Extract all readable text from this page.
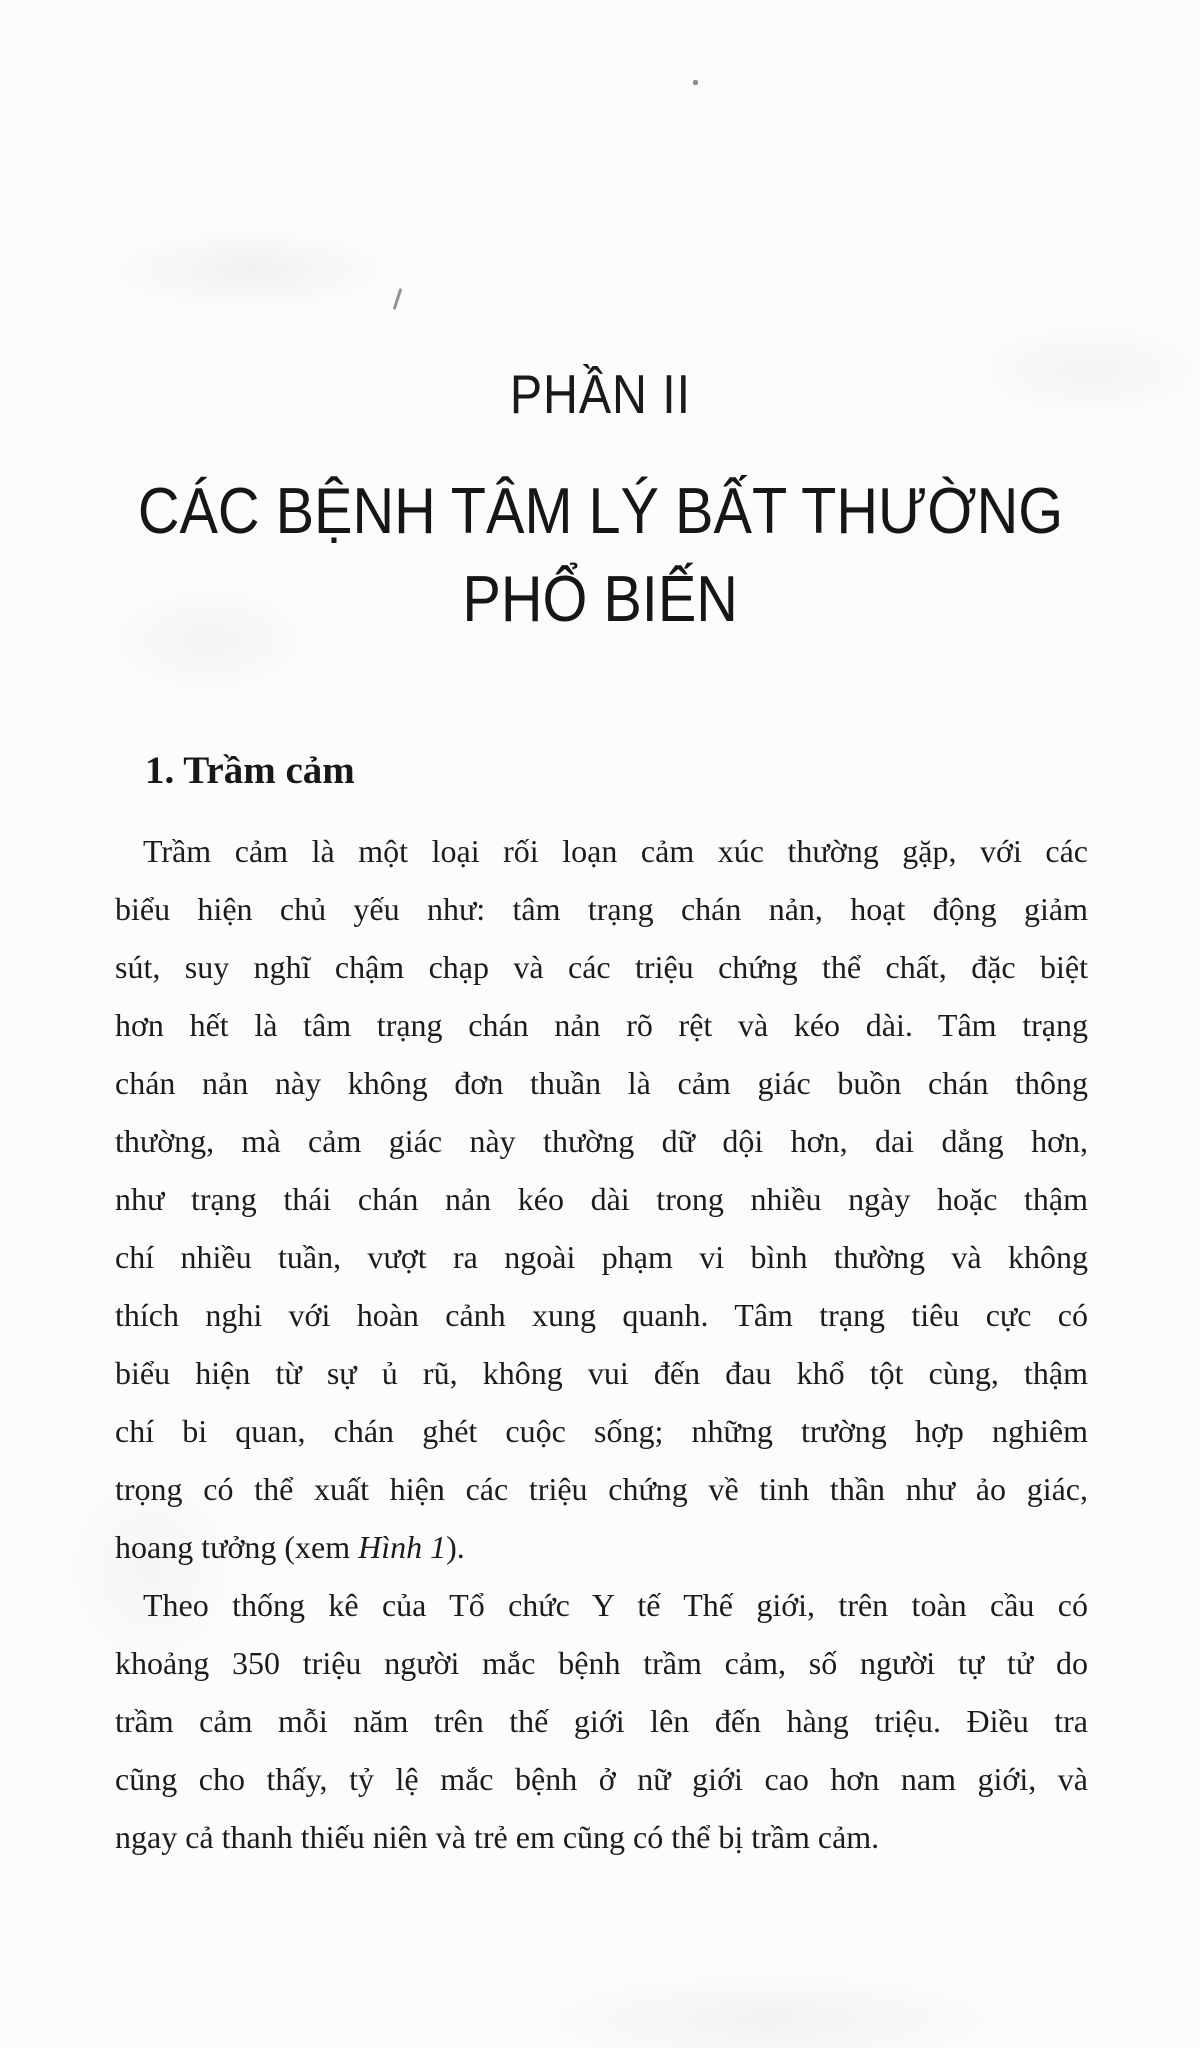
PHẦN II
CÁC BỆNH TÂM LÝ BẤT THƯỜNG
PHỔ BIẾN
1. Trầm cảm

Trầm cảm là một loại rối loạn cảm xúc thường gặp, với các
biểu hiện chủ yếu như: tâm trạng chán nản, hoạt động giảm
sút, suy nghĩ chậm chạp và các triệu chứng thể chất, đặc biệt
hơn hết là tâm trạng chán nản rõ rệt và kéo dài. Tâm trạng
chán nản này không đơn thuần là cảm giác buồn chán thông
thường, mà cảm giác này thường dữ dội hơn, dai dẳng hơn,
như trạng thái chán nản kéo dài trong nhiều ngày hoặc thậm
chí nhiều tuần, vượt ra ngoài phạm vi bình thường và không
thích nghi với hoàn cảnh xung quanh. Tâm trạng tiêu cực có
biểu hiện từ sự ủ rũ, không vui đến đau khổ tột cùng, thậm
chí bi quan, chán ghét cuộc sống; những trường hợp nghiêm
trọng có thể xuất hiện các triệu chứng về tinh thần như ảo giác,
hoang tưởng (xem Hình 1).

Theo thống kê của Tổ chức Y tế Thế giới, trên toàn cầu có
khoảng 350 triệu người mắc bệnh trầm cảm, số người tự tử do
trầm cảm mỗi năm trên thế giới lên đến hàng triệu. Điều tra
cũng cho thấy, tỷ lệ mắc bệnh ở nữ giới cao hơn nam giới, và
ngay cả thanh thiếu niên và trẻ em cũng có thể bị trầm cảm.
